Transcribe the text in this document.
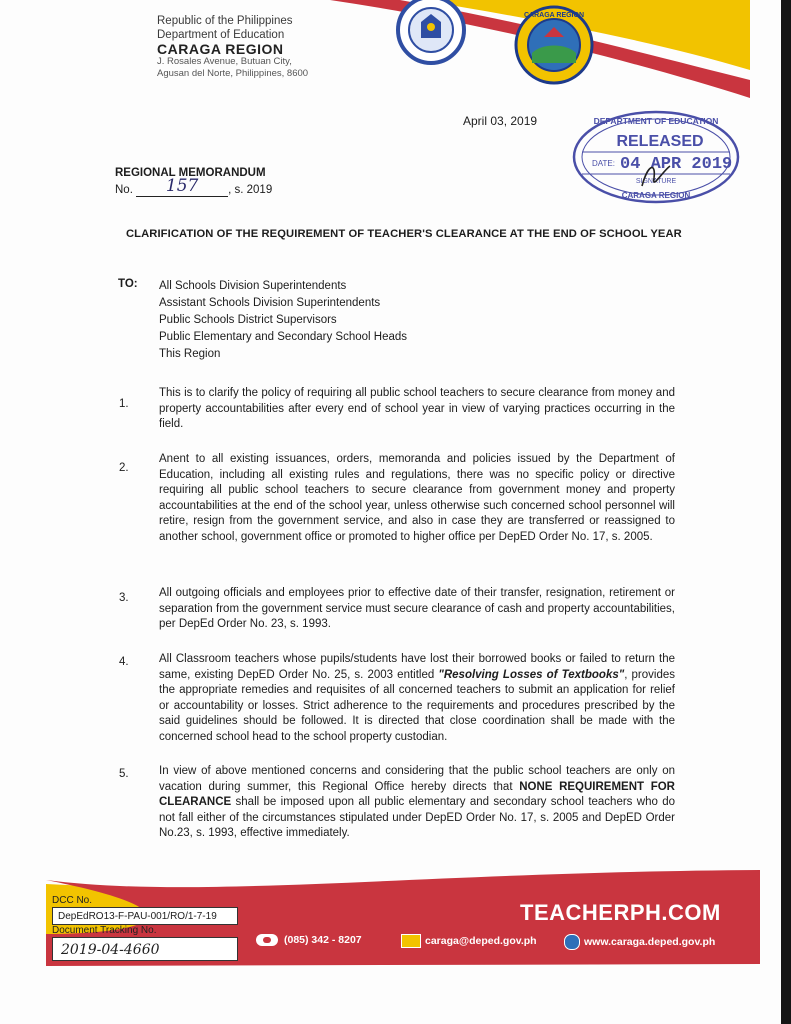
Republic of the Philippines
Department of Education
CARAGA REGION
J. Rosales Avenue, Butuan City,
Agusan del Norte, Philippines, 8600
CARAGA REGION
April 03, 2019	DEPARTMENT OF EDUCATION
RELEASED
DATE: 04 APR 2019
SIGNATURE
CARAGA REGION
REGIONAL MEMORANDUM
No. 157	, s. 2019
CLARIFICATION OF THE REQUIREMENT OF TEACHER'S CLEARANCE AT THE END OF SCHOOL YEAR
TO: All Schools Division Superintendents
Assistant Schools Division Superintendents
Public Schools District Supervisors
Public Elementary and Secondary School Heads
This Region
1.
This is to clarify the policy of requiring all public school teachers to secure clearance from money and property accountabilities after every end of school year in view of varying practices occurring in the field.
2.
Anent to all existing issuances, orders, memoranda and policies issued by the Department of Education, including all existing rules and regulations, there was no specific policy or directive requiring all public school teachers to secure clearance from government money and property accountabilities at the end of the school year, unless otherwise such concerned school personnel will retire, resign from the government service, and also in case they are transferred or reassigned to another school, government office or promoted to higher office per DepED Order No. 17, s. 2005.
3.	All outgoing officials and employees prior to effective date of their transfer, resignation, retirement or separation from the government service must secure clearance of cash and property accountabilities, per DepEd Order No. 23, s. 1993.
4.	All Classroom teachers whose pupils/students have lost their borrowed books or failed to return the same, existing DepED Order No. 25, s. 2003 entitled "Resolving Losses of Textbooks", provides the appropriate remedies and requisites of all concerned teachers to submit an application for relief or accountability or losses. Strict adherence to the requirements and procedures prescribed by the said guidelines should be followed. It is directed that close coordination shall be made with the concerned school head to the school property custodian.
5.	In view of above mentioned concerns and considering that the public school teachers are only on vacation during summer, this Regional Office hereby directs that NONE REQUIREMENT FOR CLEARANCE shall be imposed upon all public elementary and secondary school teachers who do not fall either of the circumstances stipulated under DepED Order No. 17, s. 2005 and DepED Order No.23, s. 1993, effective immediately.
DCC No.
DepEdRO13-F-PAU-001/RO/1-7-19
Document Tracking No.
2019-04-4660
TEACHERPH.COM
(085) 342 - 8207	caraga@deped.gov.ph	www.caraga.deped.gov.ph
